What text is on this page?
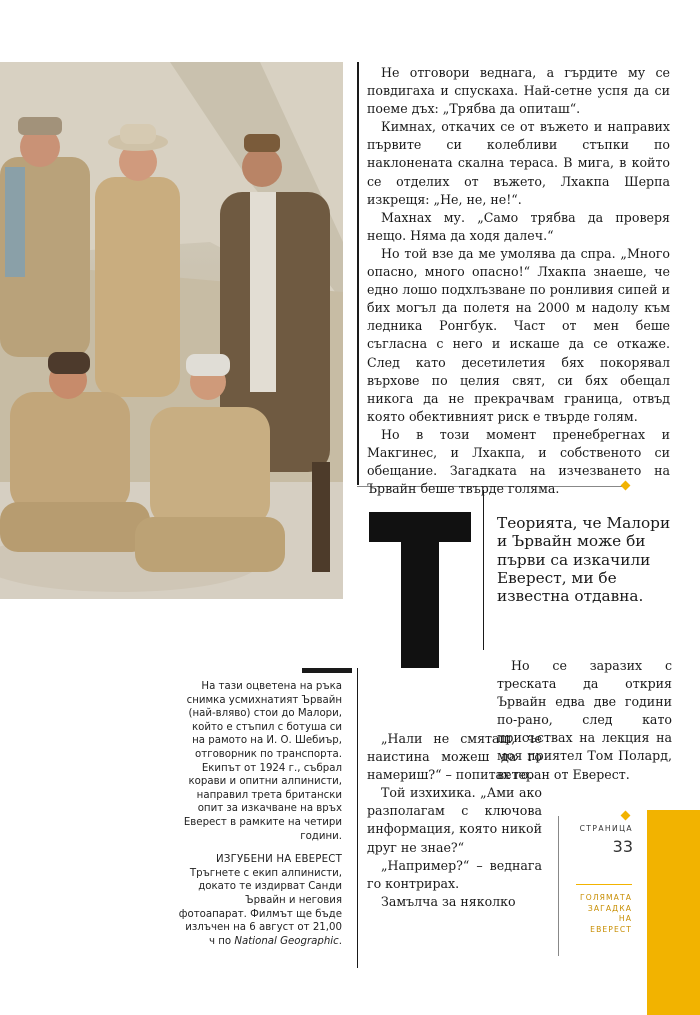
Не отговори веднага, а гърдите му се повдигаха и спускаха. Най-сетне успя да си поеме дъх: „Трябва да опиташ“.

Кимнах, откачих се от въжето и направих първите си колебливи стъпки по наклонената скална тераса. В мига, в който се отделих от въжето, Лхакпа Шерпа изкрещя: „Не, не, не!“.

Махнах му. „Само трябва да проверя нещо. Няма да ходя далеч.“

Но той взе да ме умолява да спра. „Много опасно, много опасно!“ Лхакпа знаеше, че едно лошо подхлъзване по ронливия сипей и бих могъл да полетя на 2000 м надолу към ледника Ронгбук. Част от мен беше съгласна с него и искаше да се откаже. След като десетилетия бях покорявал върхове по целия свят, си бях обещал никога да не прекрачвам граница, отвъд която обективният риск е твърде голям.

Но в този момент пренебрегнах и Макгинес, и Лхакпа, и собственото си обещание. Загадката на изчезването на Ървайн беше твърде голяма.

Теорията, че Малори и Ървайн може би първи са изкачили Еверест, ми бе известна отдавна.

Но се заразих с треската да открия Ървайн едва две години по-рано, след като присъствах на лекция на моя приятел Том Полард, ветеран от Еверест.

„Нали не смяташ, че наистина можеш да го намериш?“ – попитах го.

Той изхихика. „Ами ако разполагам с ключова информация, която никой друг не знае?“

„Например?“ – веднага го контрирах.

Замълча за няколко

На тази оцветена на ръка снимка усмихнатият Ървайн (най-вляво) стои до Малори, който е стъпил с ботуша си на рамото на И. О. Шебиър, отговорник по транспорта. Екипът от 1924 г., събрал корави и опитни алпинисти, направил трета британски опит за изкачване на връх Еверест в рамките на четири години.

ИЗГУБЕНИ НА ЕВЕРЕСТ
Тръгнете с екип алпинисти, докато те издирват Санди Ървайн и неговия фотоапарат. Филмът ще бъде излъчен на 6 август от 21,00 ч по National Geographic.

СТРАНИЦА
33
ГОЛЯМАТА
ЗАГАДКА
НА
ЕВЕРЕСТ
